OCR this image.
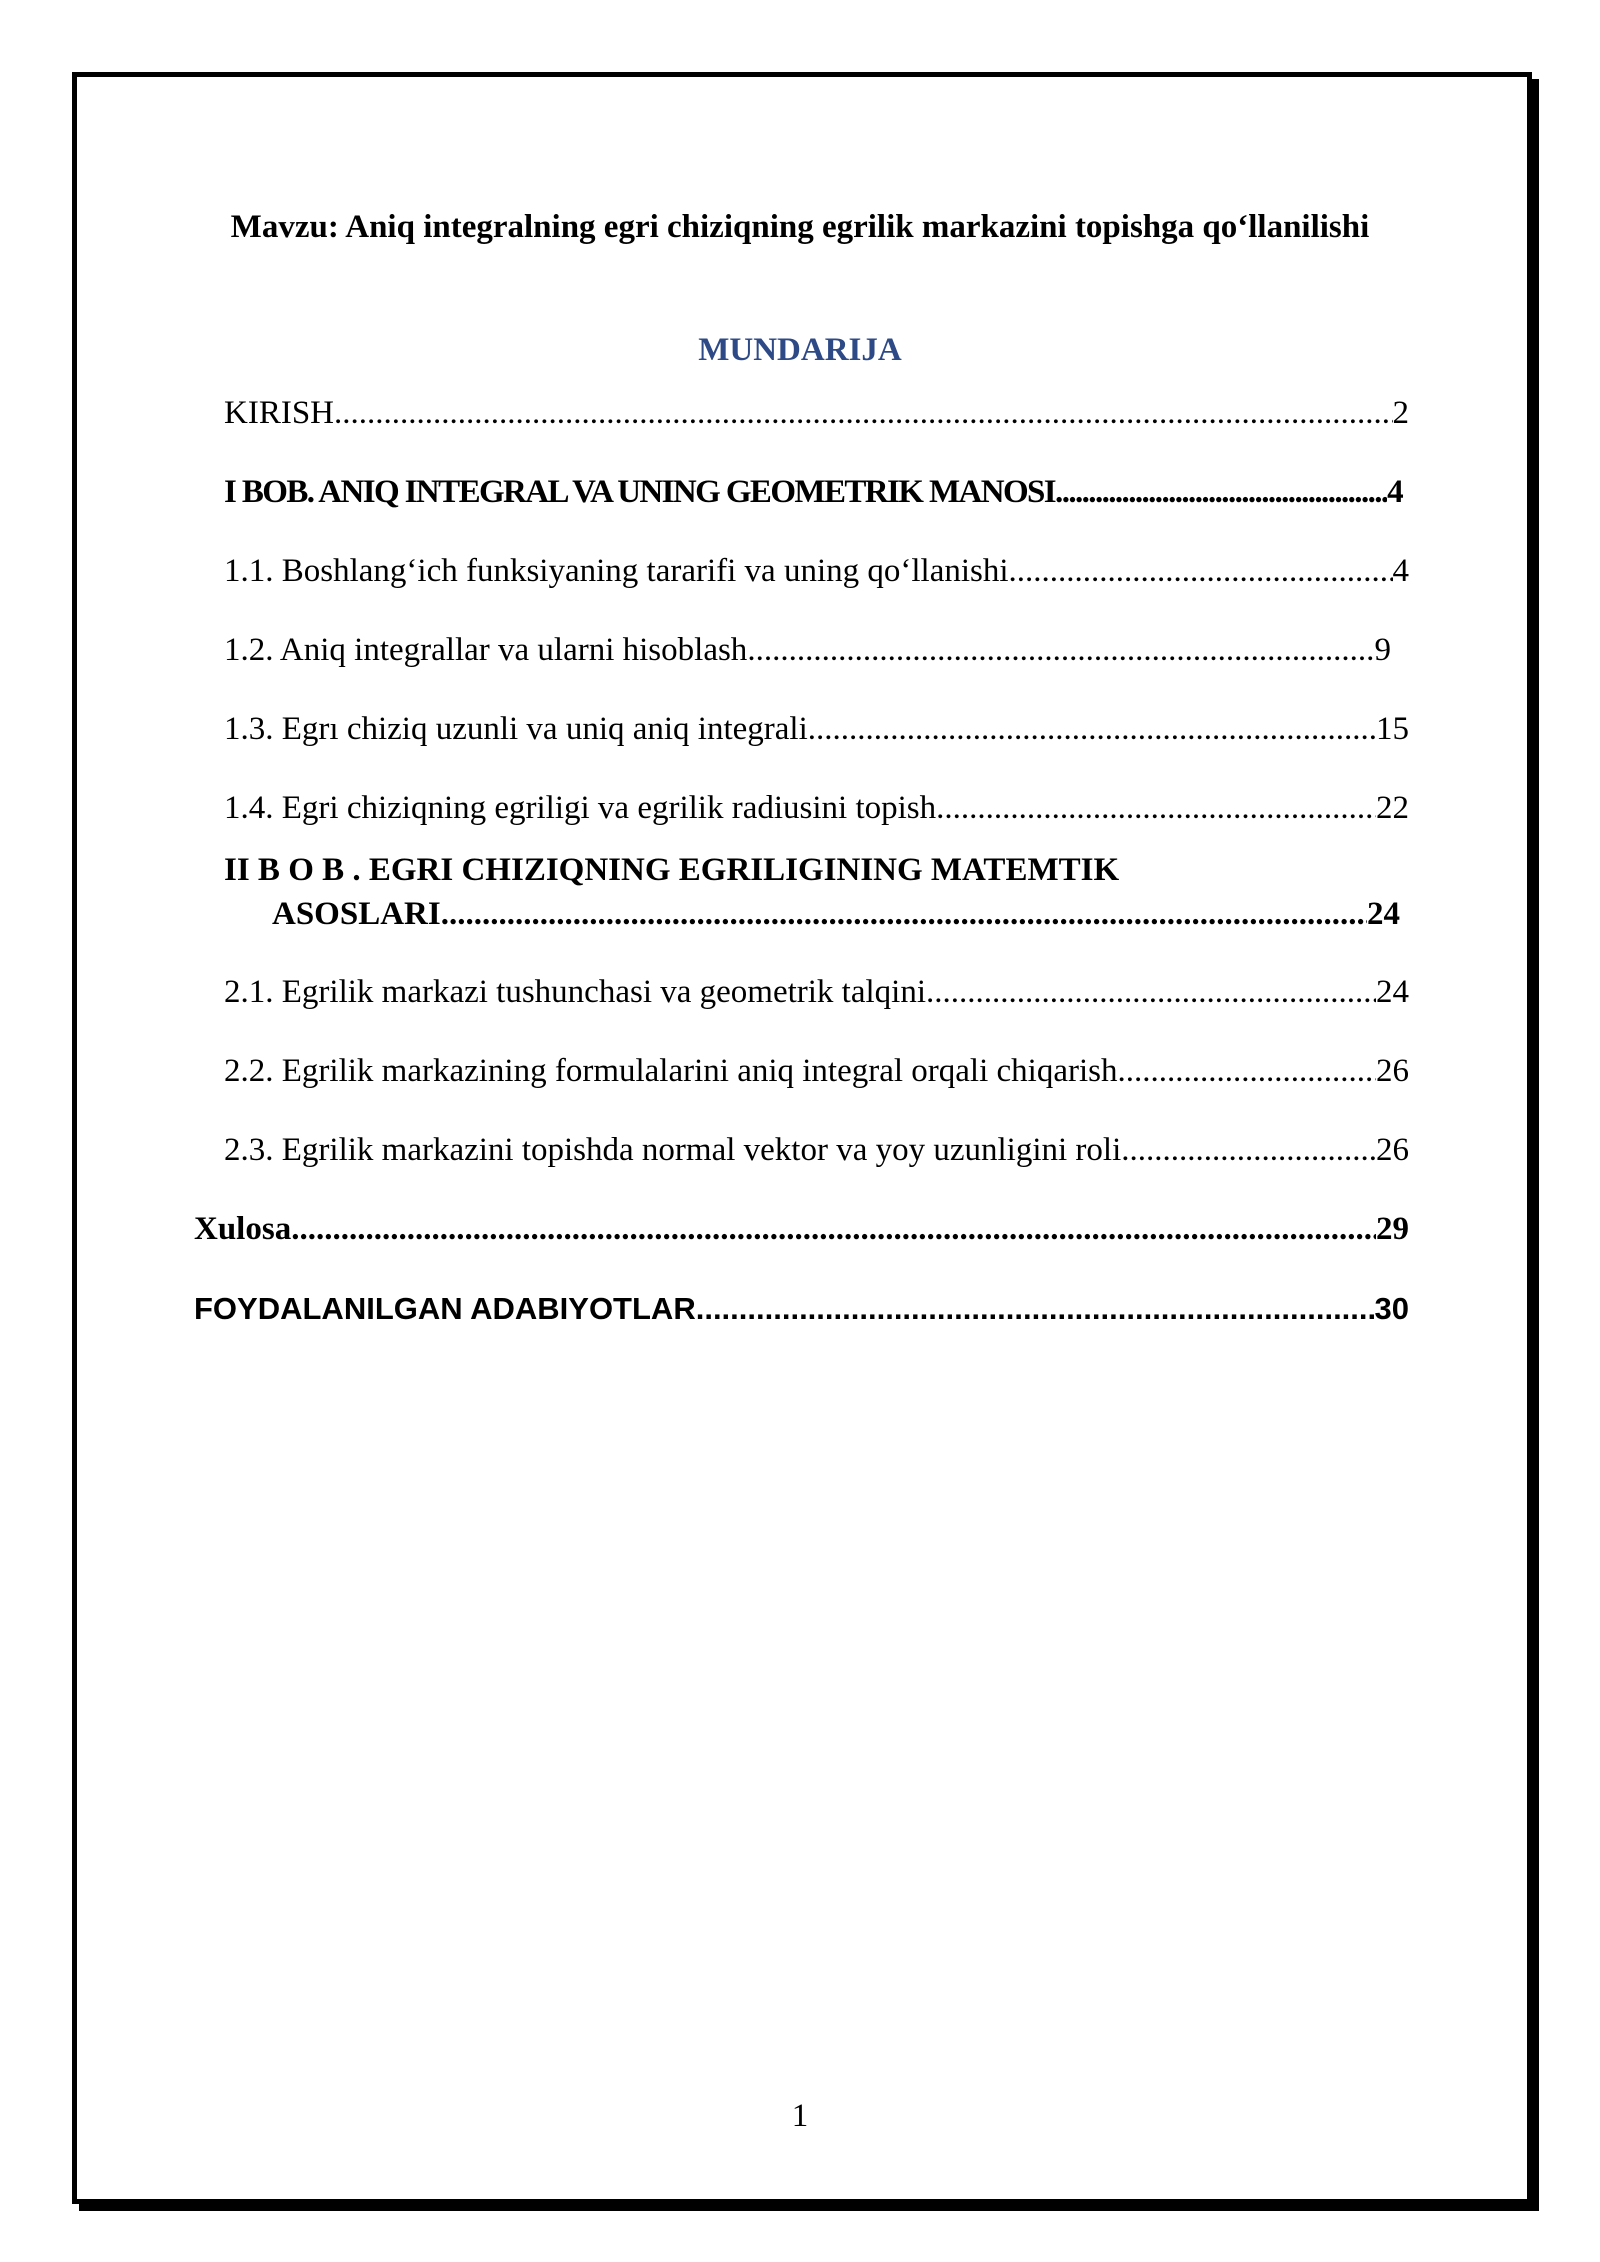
Mavzu: Aniq integralning egri chiziqning egrilik markazini topishga qo‘llanilishi
MUNDARIJA
KIRISH .....	2
I BOB. ANIQ INTEGRAL VA UNING GEOMETRIK MANOSI .....	4
1.1. Boshlang‘ich funksiyaning tararifi va uning qo‘llanishi .....	4
1.2. Aniq integrallar va ularni hisoblash .....	9
1.3. Egrı chiziq uzunli va uniq aniq integrali .....	15
1.4. Egri chiziqning egriligi va egrilik radiusini topish .....	22
II B O B . EGRI CHIZIQNING EGRILIGINING MATEMTIK
ASOSLARI .....	24
2.1. Egrilik markazi tushunchasi va geometrik talqini .....	24
2.2. Egrilik markazining formulalarini aniq integral orqali chiqarish .....	26
2.3. Egrilik markazini topishda normal vektor va yoy uzunligini roli .....	26
Xulosa .....	29
FOYDALANILGAN ADABIYOTLAR .....	30
1
